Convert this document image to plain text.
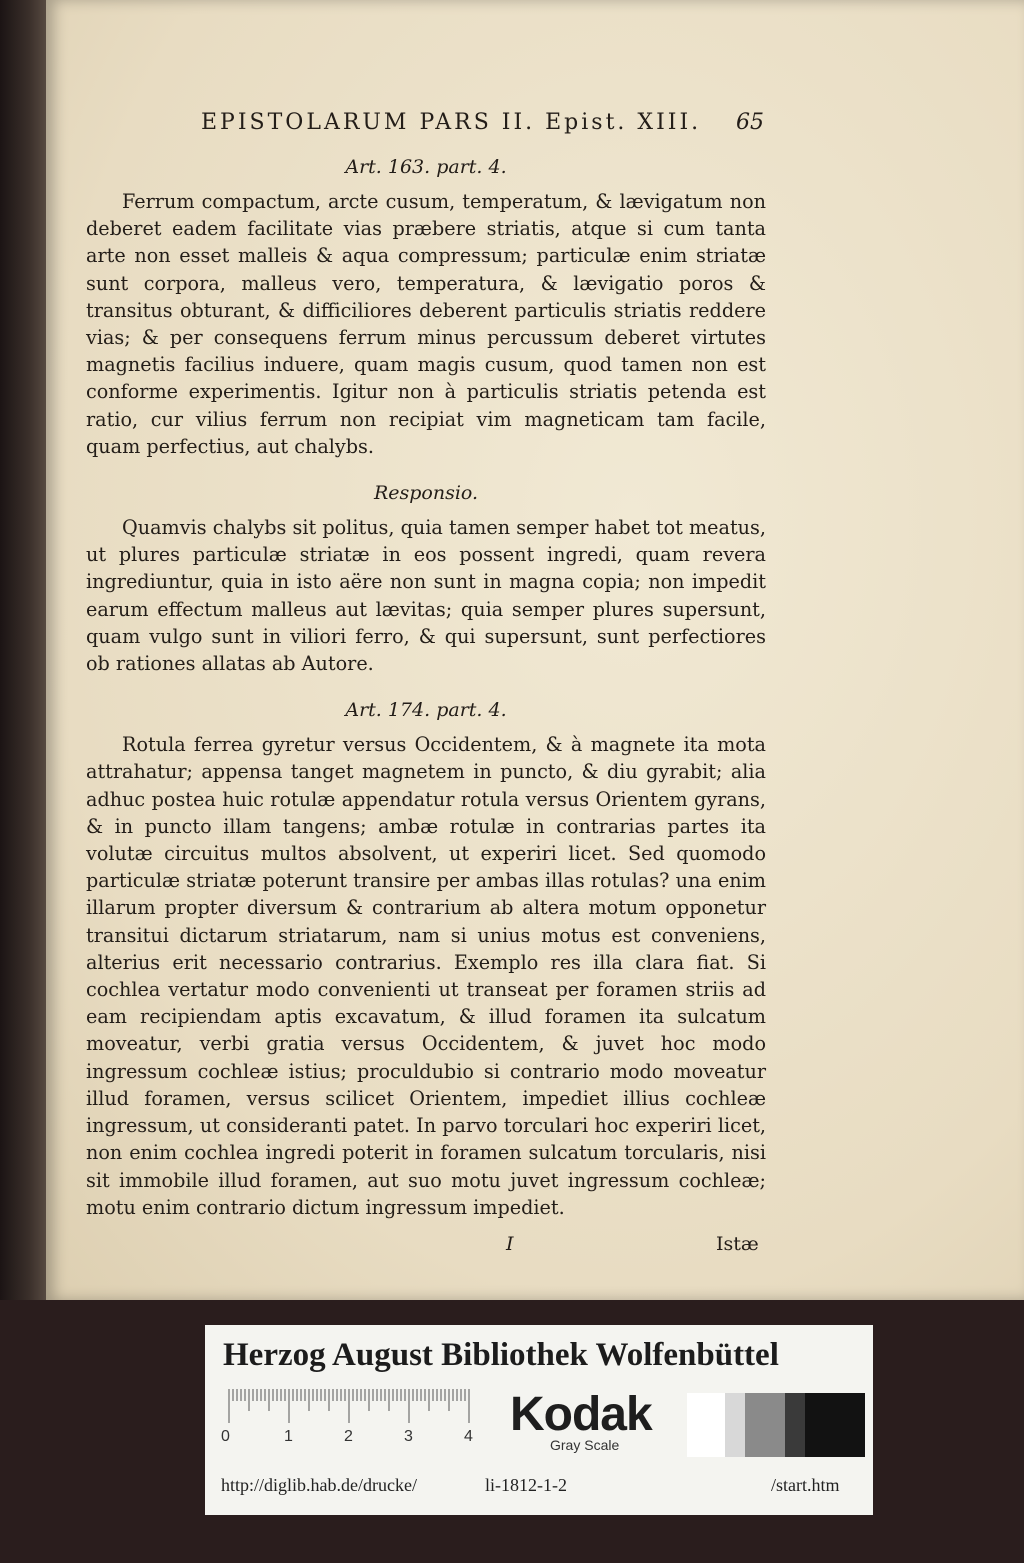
EPISTOLARUM PARS II. Epist. XIII. 65
Art. 163. part. 4.

Ferrum compactum, arcte cusum, temperatum, & lævigatum non deberet eadem facilitate vias præbere striatis, atque si cum tanta arte non esset malleis & aqua compressum; particulæ enim striatæ sunt corpora, malleus vero, temperatura, & lævigatio poros & transitus obturant, & difficiliores deberent particulis striatis reddere vias; & per consequens ferrum minus percussum deberet virtutes magnetis facilius induere, quam magis cusum, quod tamen non est conforme experimentis. Igitur non à particulis striatis petenda est ratio, cur vilius ferrum non recipiat vim magneticam tam facile, quam perfectius, aut chalybs.

Responsio.

Quamvis chalybs sit politus, quia tamen semper habet tot meatus, ut plures particulæ striatæ in eos possent ingredi, quam revera ingrediuntur, quia in isto aëre non sunt in magna copia; non impedit earum effectum malleus aut lævitas; quia semper plures supersunt, quam vulgo sunt in viliori ferro, & qui supersunt, sunt perfectiores ob rationes allatas ab Autore.

Art. 174. part. 4.

Rotula ferrea gyretur versus Occidentem, & à magnete ita mota attrahatur; appensa tanget magnetem in puncto, & diu gyrabit; alia adhuc postea huic rotulæ appendatur rotula versus Orientem gyrans, & in puncto illam tangens; ambæ rotulæ in contrarias partes ita volutæ circuitus multos absolvent, ut experiri licet. Sed quomodo particulæ striatæ poterunt transire per ambas illas rotulas? una enim illarum propter diversum & contrarium ab altera motum opponetur transitui dictarum striatarum, nam si unius motus est conveniens, alterius erit necessario contrarius. Exemplo res illa clara fiat. Si cochlea vertatur modo convenienti ut transeat per foramen striis ad eam recipiendam aptis excavatum, & illud foramen ita sulcatum moveatur, verbi gratia versus Occidentem, & juvet hoc modo ingressum cochleæ istius; proculdubio si contrario modo moveatur illud foramen, versus scilicet Orientem, impediet illius cochleæ ingressum, ut consideranti patet. In parvo torculari hoc experiri licet, non enim cochlea ingredi poterit in foramen sulcatum torcularis, nisi sit immobile illud foramen, aut suo motu juvet ingressum cochleæ; motu enim contrario dictum ingressum impediet.

I	Istæ
Herzog August Bibliothek Wolfenbüttel
0	1	2	3	4 Kodak
Gray Scale
http://diglib.hab.de/drucke/	li-1812-1-2	/start.htm
